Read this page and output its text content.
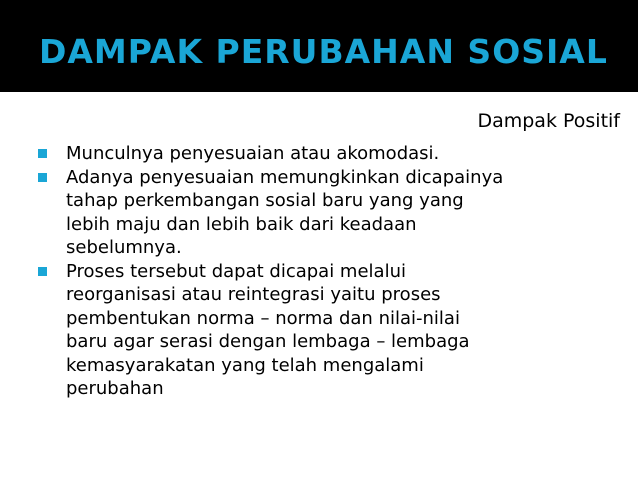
DAMPAK PERUBAHAN SOSIAL
Dampak Positif
Munculnya penyesuaian atau akomodasi.
Adanya penyesuaian memungkinkan dicapainya
tahap perkembangan sosial baru yang yang
lebih maju dan lebih baik dari keadaan
sebelumnya.
Proses tersebut dapat dicapai melalui
reorganisasi atau reintegrasi yaitu proses
pembentukan norma – norma dan nilai-nilai
baru agar serasi dengan lembaga – lembaga
kemasyarakatan yang telah mengalami
perubahan
